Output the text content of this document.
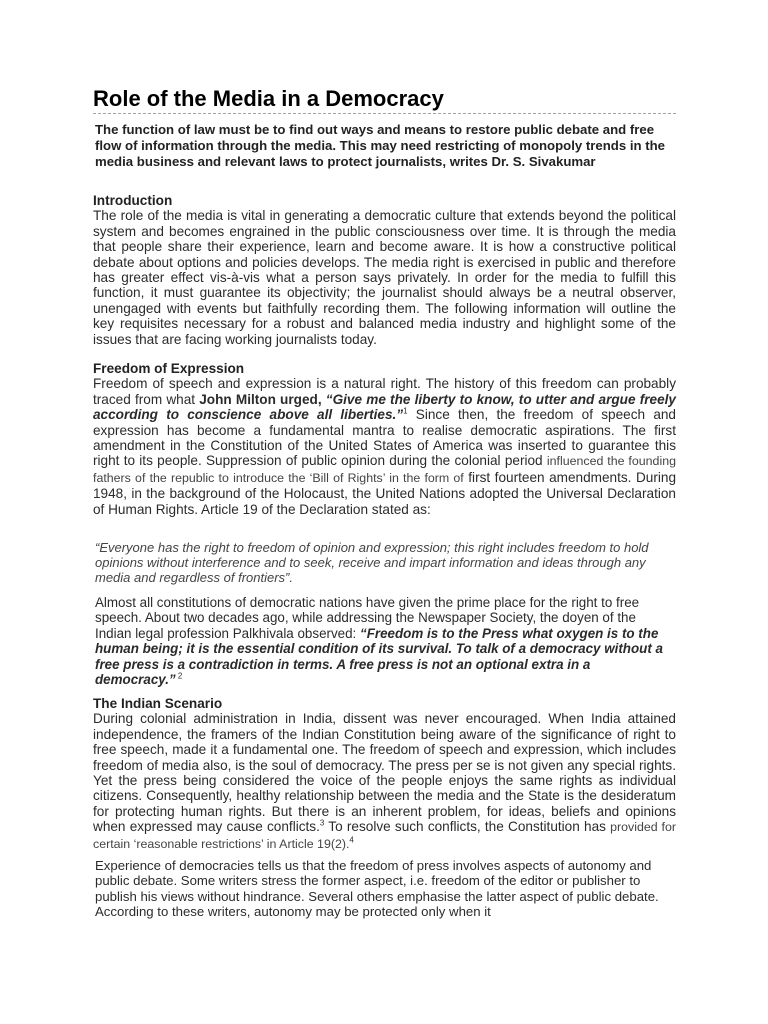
Role of the Media in a Democracy
The function of law must be to find out ways and means to restore public debate and free flow of information through the media. This may need restricting of monopoly trends in the media business and relevant laws to protect journalists, writes Dr. S. Sivakumar
Introduction
The role of the media is vital in generating a democratic culture that extends beyond the political system and becomes engrained in the public consciousness over time. It is through the media that people share their experience, learn and become aware. It is how a constructive political debate about options and policies develops. The media right is exercised in public and therefore has greater effect vis-à-vis what a person says privately. In order for the media to fulfill this function, it must guarantee its objectivity; the journalist should always be a neutral observer, unengaged with events but faithfully recording them. The following information will outline the key requisites necessary for a robust and balanced media industry and highlight some of the issues that are facing working journalists today.
Freedom of Expression
Freedom of speech and expression is a natural right. The history of this freedom can probably traced from what John Milton urged, “Give me the liberty to know, to utter and argue freely according to conscience above all liberties.”$^1$ Since then, the freedom of speech and expression has become a fundamental mantra to realise democratic aspirations. The first amendment in the Constitution of the United States of America was inserted to guarantee this right to its people. Suppression of public opinion during the colonial period influenced the founding fathers of the republic to introduce the ‘Bill of Rights’ in the form of first fourteen amendments. During 1948, in the background of the Holocaust, the United Nations adopted the Universal Declaration of Human Rights. Article 19 of the Declaration stated as:
“Everyone has the right to freedom of opinion and expression; this right includes freedom to hold opinions without interference and to seek, receive and impart information and ideas through any media and regardless of frontiers”.
Almost all constitutions of democratic nations have given the prime place for the right to free speech. About two decades ago, while addressing the Newspaper Society, the doyen of the Indian legal profession Palkhivala observed: “Freedom is to the Press what oxygen is to the human being; it is the essential condition of its survival. To talk of a democracy without a free press is a contradiction in terms. A free press is not an optional extra in a democracy.” $^2$
The Indian Scenario
During colonial administration in India, dissent was never encouraged. When India attained independence, the framers of the Indian Constitution being aware of the significance of right to free speech, made it a fundamental one. The freedom of speech and expression, which includes freedom of media also, is the soul of democracy. The press per se is not given any special rights. Yet the press being considered the voice of the people enjoys the same rights as individual citizens. Consequently, healthy relationship between the media and the State is the desideratum for protecting human rights. But there is an inherent problem, for ideas, beliefs and opinions when expressed may cause conflicts.$^3$ To resolve such conflicts, the Constitution has provided for certain ‘reasonable restrictions’ in Article 19(2).$^4$
Experience of democracies tells us that the freedom of press involves aspects of autonomy and public debate. Some writers stress the former aspect, i.e. freedom of the editor or publisher to publish his views without hindrance. Several others emphasise the latter aspect of public debate. According to these writers, autonomy may be protected only when it
